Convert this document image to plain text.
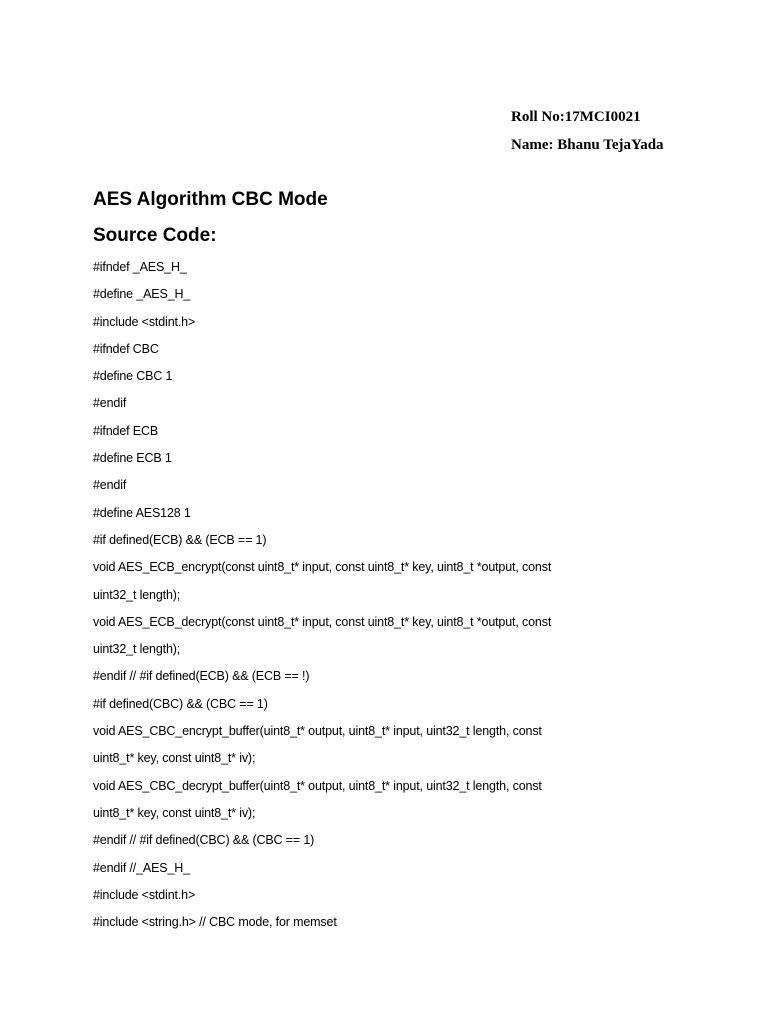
Roll No:17MCI0021
Name: Bhanu TejaYada
AES Algorithm CBC Mode
Source Code:
#ifndef _AES_H_
#define _AES_H_
#include <stdint.h>
#ifndef CBC
#define CBC 1
#endif
#ifndef ECB
#define ECB 1
#endif
#define AES128 1
#if defined(ECB) && (ECB == 1)
void AES_ECB_encrypt(const uint8_t* input, const uint8_t* key, uint8_t *output, const
uint32_t length);
void AES_ECB_decrypt(const uint8_t* input, const uint8_t* key, uint8_t *output, const
uint32_t length);
#endif // #if defined(ECB) && (ECB == !)
#if defined(CBC) && (CBC == 1)
void AES_CBC_encrypt_buffer(uint8_t* output, uint8_t* input, uint32_t length, const
uint8_t* key, const uint8_t* iv);
void AES_CBC_decrypt_buffer(uint8_t* output, uint8_t* input, uint32_t length, const
uint8_t* key, const uint8_t* iv);
#endif // #if defined(CBC) && (CBC == 1)
#endif //_AES_H_
#include <stdint.h>
#include <string.h> // CBC mode, for memset
